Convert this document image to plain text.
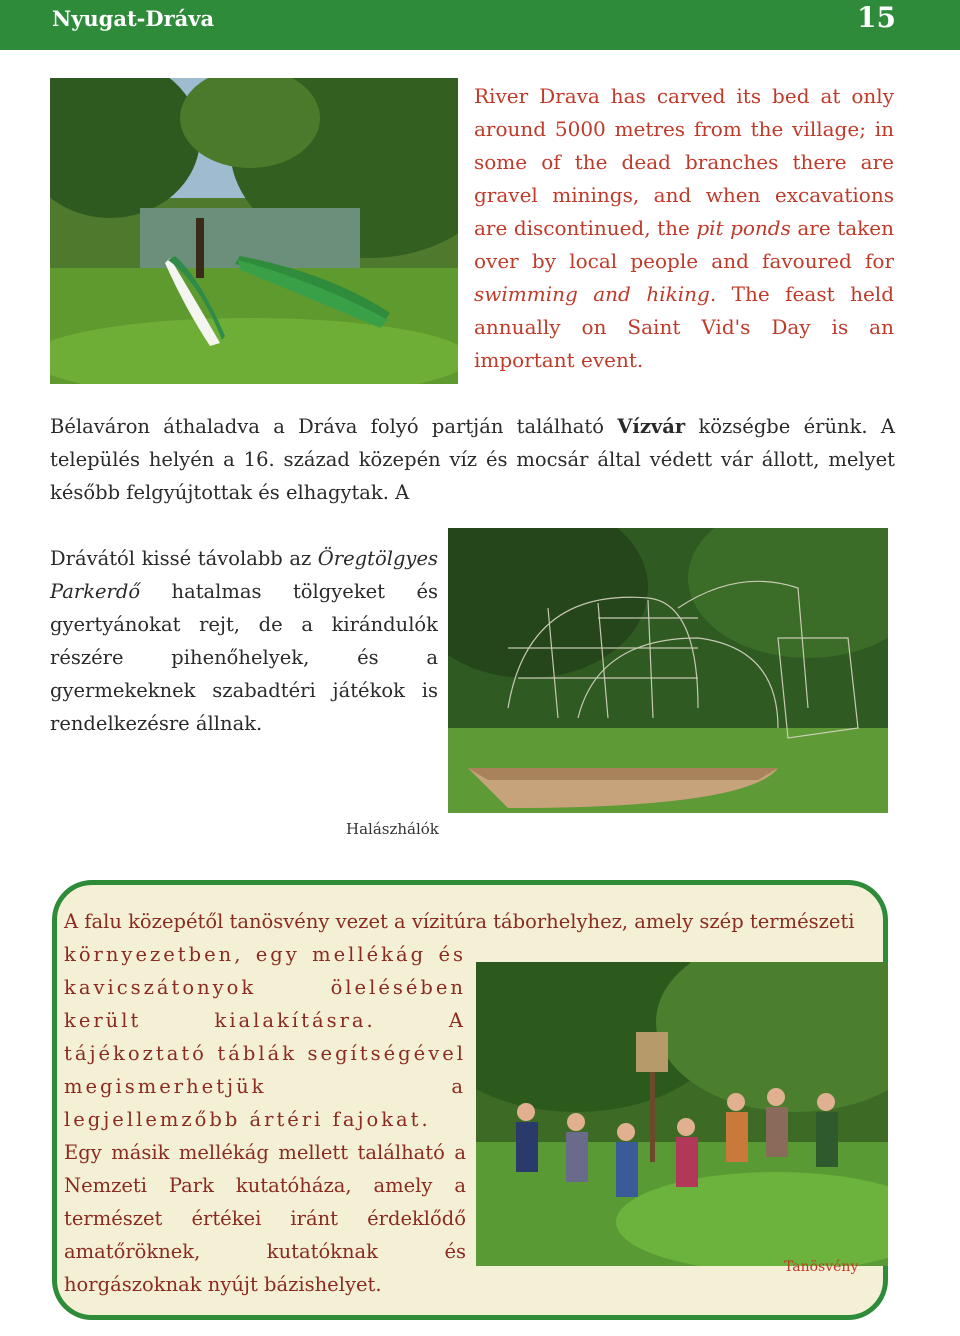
Nyugat-Dráva	15
River Drava has carved its bed at only around 5000 metres from the village; in some of the dead branches there are gravel minings, and when excavations are discontinued, the pit ponds are taken over by local people and favoured for swimming and hiking. The feast held annually on Saint Vid's Day is an important event.
Bélaváron áthaladva a Dráva folyó partján található Vízvár községbe érünk. A település helyén a 16. század közepén víz és mocsár által védett vár állott, melyet később felgyújtottak és elhagytak. A
Drávától kissé távolabb az Öregtölgyes Parkerdő hatalmas tölgyeket és gyertyánokat rejt, de a kirándulók részére pihenőhelyek, és a gyermekeknek szabadtéri játékok is rendelkezésre állnak.
Halászhálók
A falu közepétől tanösvény vezet a vízitúra táborhelyhez, amely szép természeti
környezetben, egy mellékág és kavicszátonyok ölelésében került kialakításra. A tájékoztató táblák segítségével megismerhetjük a legjellemzőbb ártéri fajokat.
Egy másik mellékág mellett található a Nemzeti Park kutatóháza, amely a természet értékei iránt érdeklődő amatőröknek, kutatóknak és horgászoknak nyújt bázishelyet.
Tanösvény
